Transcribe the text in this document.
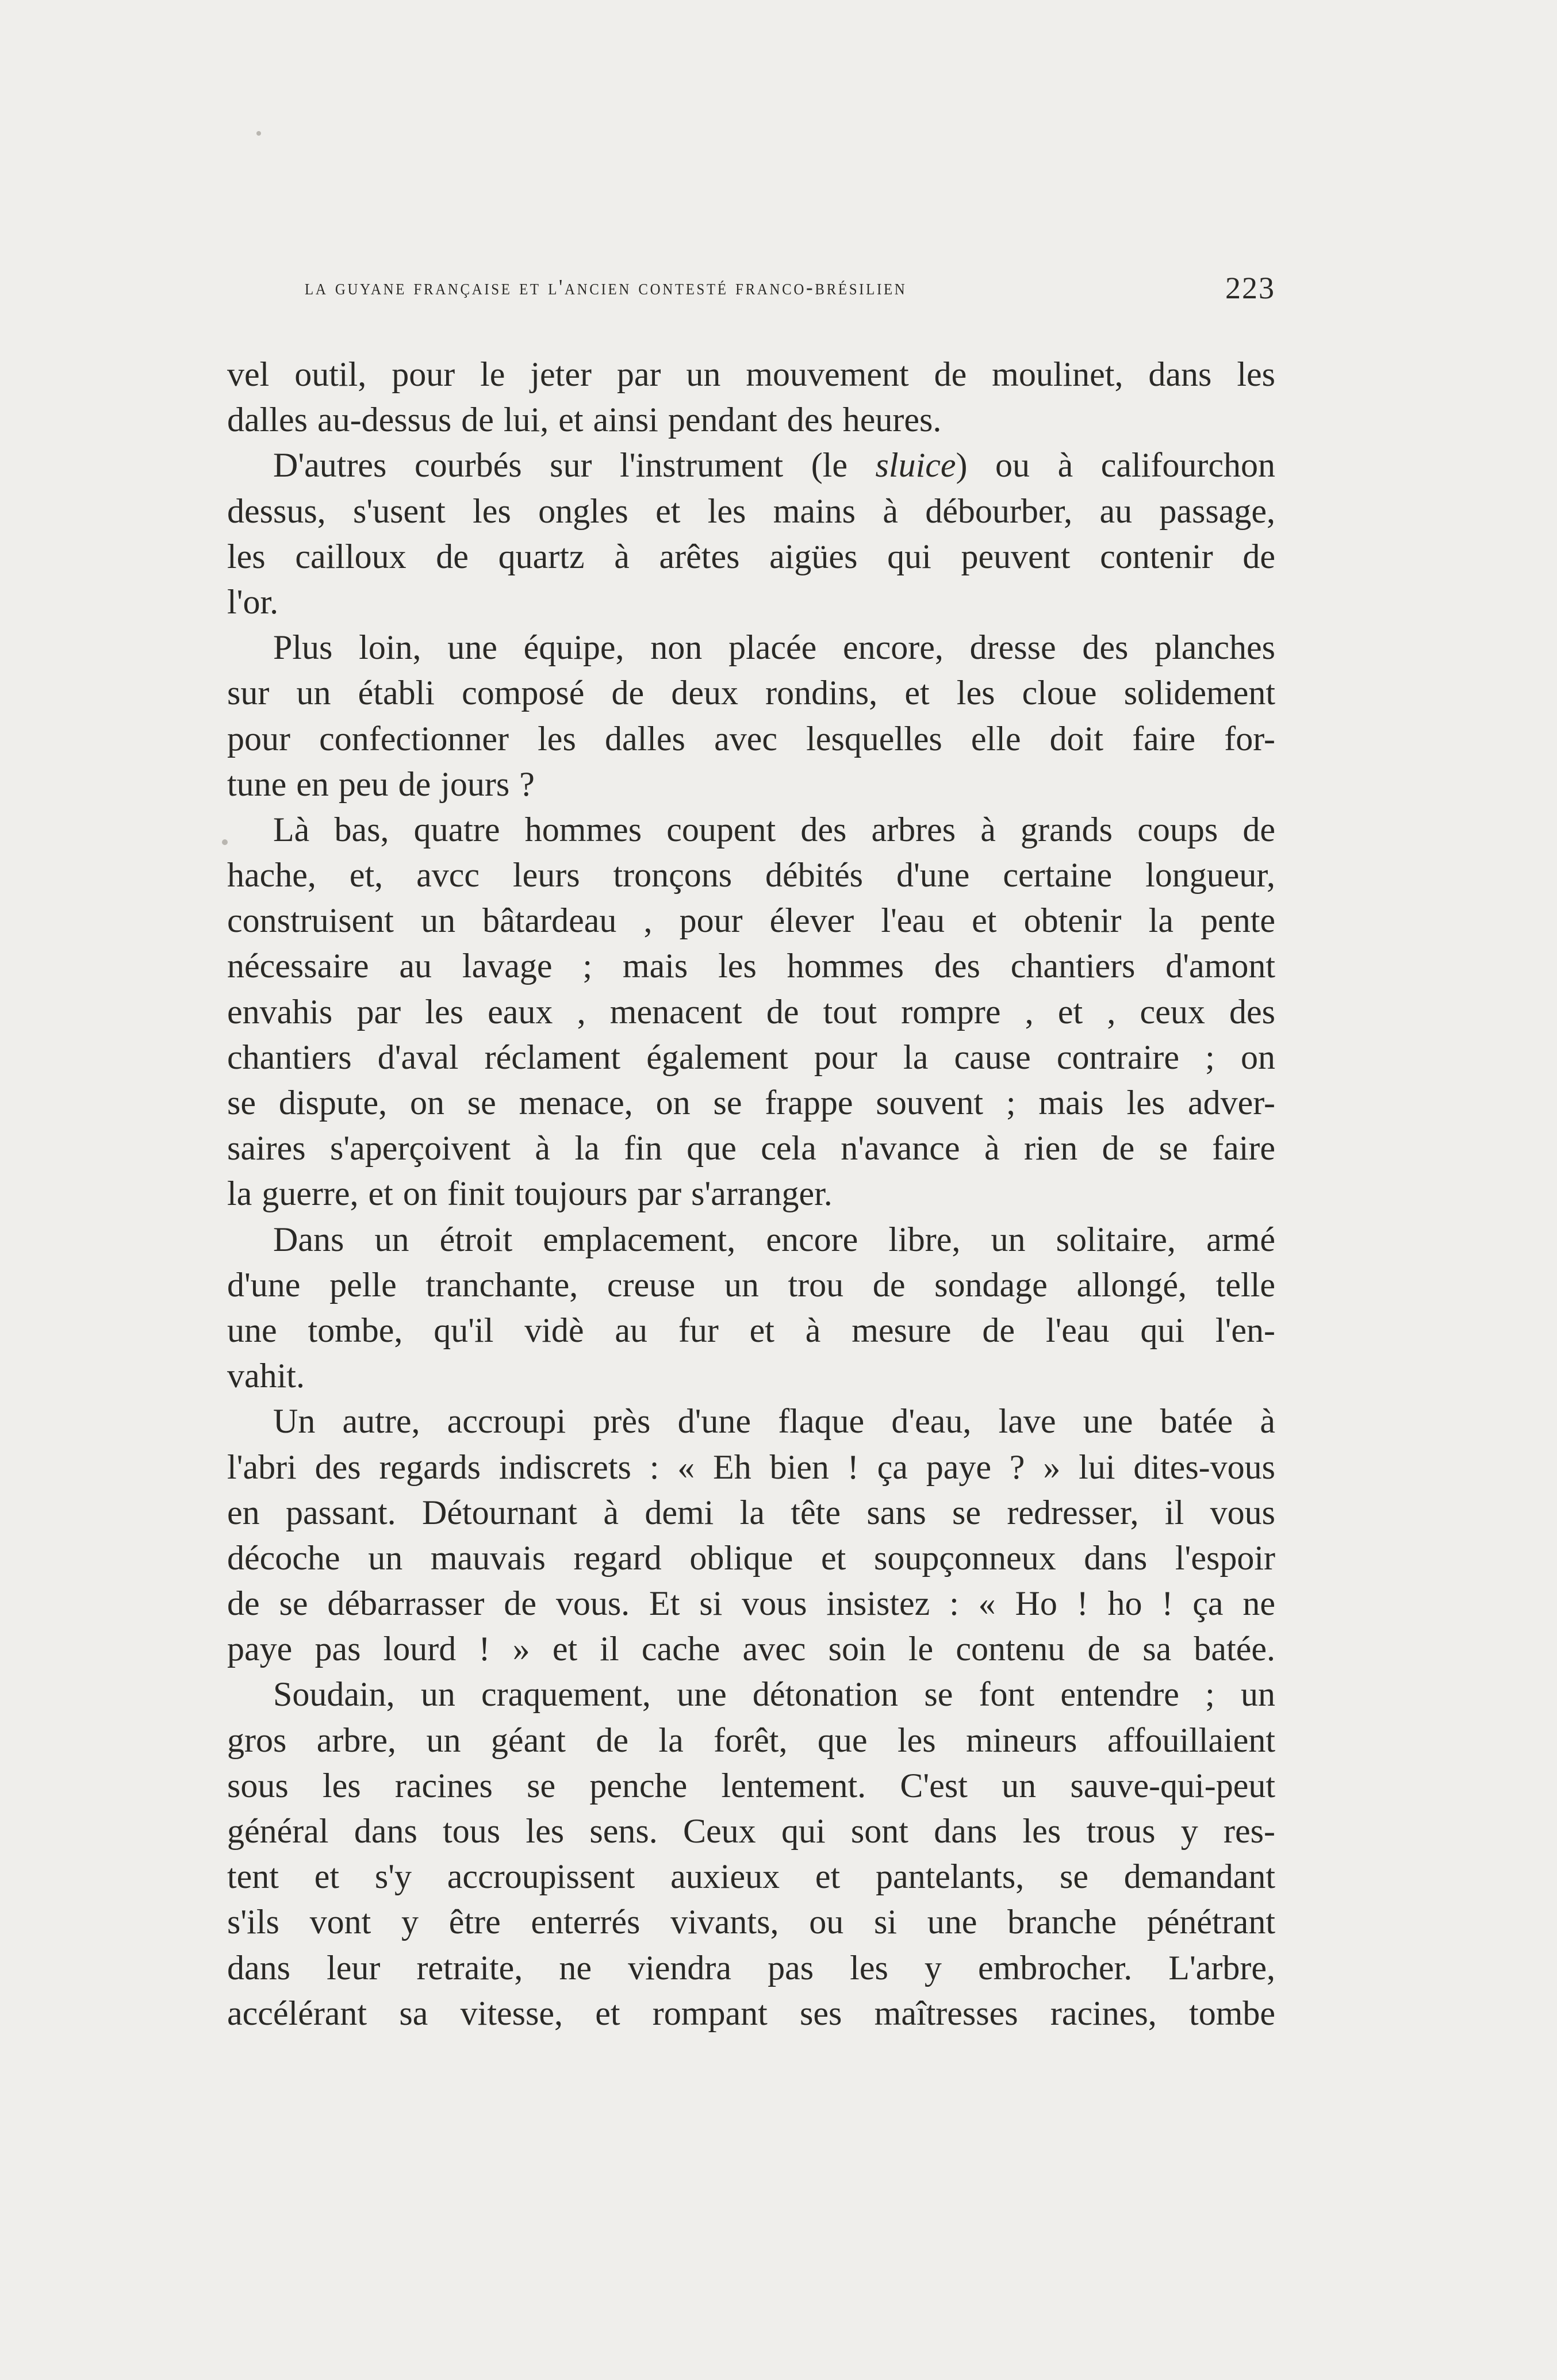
la guyane française et l'ancien contesté franco-brésilien	223
vel outil, pour le jeter par un mouvement de moulinet, dans les
dalles au-dessus de lui, et ainsi pendant des heures.
D'autres courbés sur l'instrument (le sluice) ou à califourchon
dessus, s'usent les ongles et les mains à débourber, au passage,
les cailloux de quartz à arêtes aigües qui peuvent contenir de
l'or.
Plus loin, une équipe, non placée encore, dresse des planches
sur un établi composé de deux rondins, et les cloue solidement
pour confectionner les dalles avec lesquelles elle doit faire for-
tune en peu de jours ?
Là bas, quatre hommes coupent des arbres à grands coups de
hache, et, avcc leurs tronçons débités d'une certaine longueur,
construisent un bâtardeau , pour élever l'eau et obtenir la pente
nécessaire au lavage ; mais les hommes des chantiers d'amont
envahis par les eaux , menacent de tout rompre , et , ceux des
chantiers d'aval réclament également pour la cause contraire ; on
se dispute, on se menace, on se frappe souvent ; mais les adver-
saires s'aperçoivent à la fin que cela n'avance à rien de se faire
la guerre, et on finit toujours par s'arranger.
Dans un étroit emplacement, encore libre, un solitaire, armé
d'une pelle tranchante, creuse un trou de sondage allongé, telle
une tombe, qu'il vidè au fur et à mesure de l'eau qui l'en-
vahit.
Un autre, accroupi près d'une flaque d'eau, lave une batée à
l'abri des regards indiscrets : « Eh bien ! ça paye ? » lui dites-vous
en passant. Détournant à demi la tête sans se redresser, il vous
décoche un mauvais regard oblique et soupçonneux dans l'espoir
de se débarrasser de vous. Et si vous insistez : « Ho ! ho ! ça ne
paye pas lourd ! » et il cache avec soin le contenu de sa batée.
Soudain, un craquement, une détonation se font entendre ; un
gros arbre, un géant de la forêt, que les mineurs affouillaient
sous les racines se penche lentement. C'est un sauve-qui-peut
général dans tous les sens. Ceux qui sont dans les trous y res-
tent et s'y accroupissent auxieux et pantelants, se demandant
s'ils vont y être enterrés vivants, ou si une branche pénétrant
dans leur retraite, ne viendra pas les y embrocher. L'arbre,
accélérant sa vitesse, et rompant ses maîtresses racines, tombe
